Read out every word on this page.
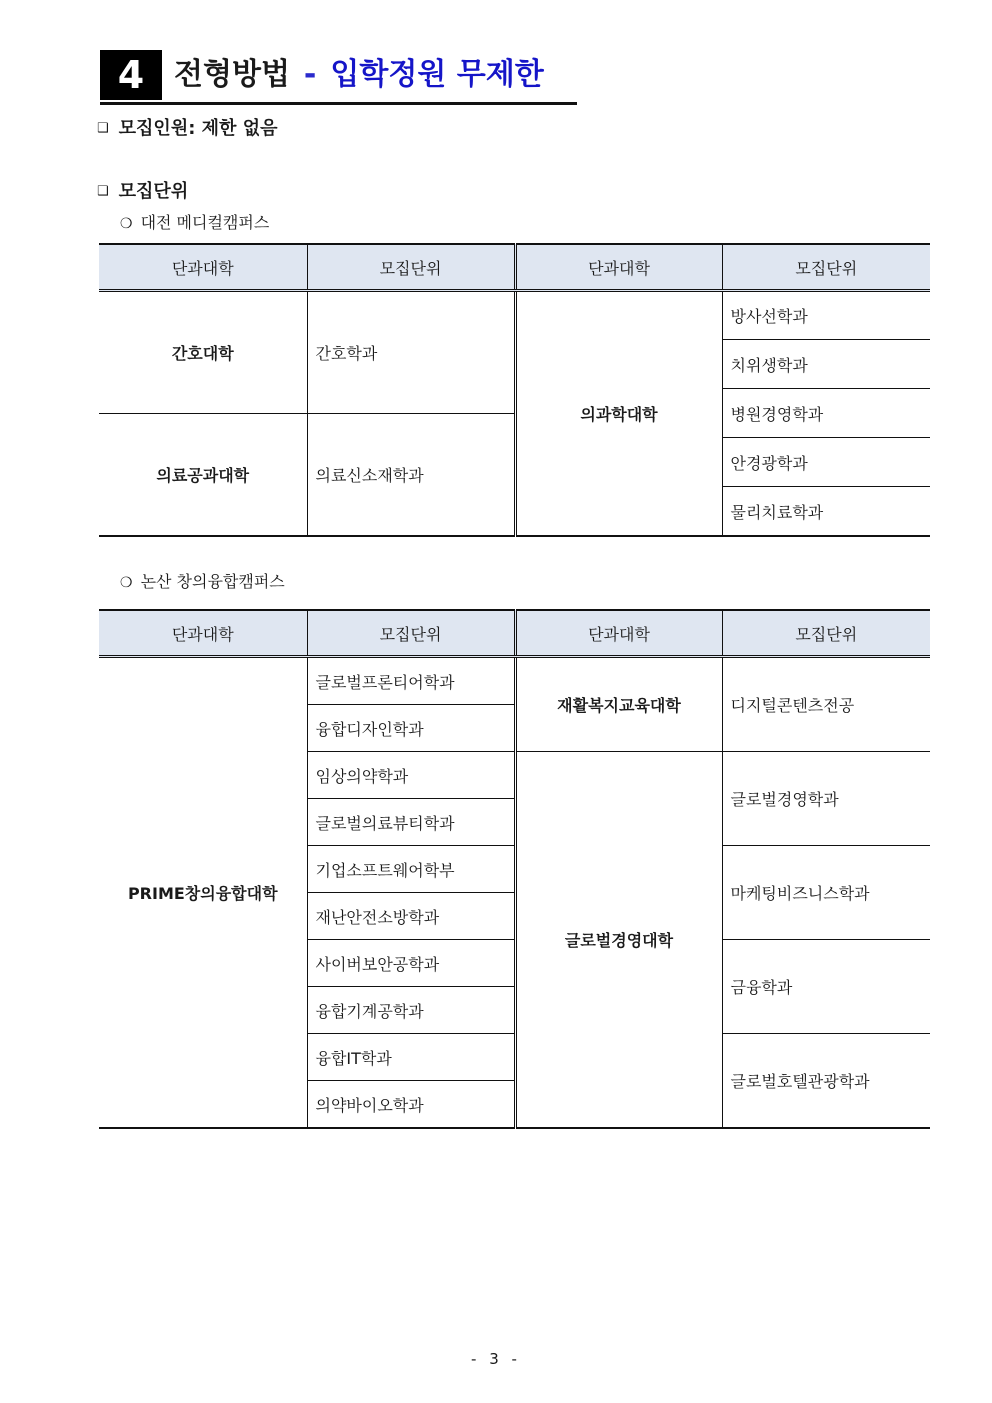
4 전형방법 - 입학정원 무제한
❑ 모집인원: 제한 없음
❑ 모집단위
❍ 대전 메디컬캠퍼스
단과대학	모집단위	단과대학	모집단위
간호대학	간호학과	의과학대학	방사선학과
			치위생학과
			병원경영학과
의료공과대학	의료신소재학과		
			안경광학과
			물리치료학과
❍ 논산 창의융합캠퍼스
단과대학	모집단위	단과대학	모집단위
PRIME창의융합대학	글로벌프론티어학과	재활복지교육대학	디지털콘텐츠전공
	융합디자인학과		
	임상의약학과	글로벌경영대학	글로벌경영학과
	글로벌의료뷰티학과		
	기업소프트웨어학부		마케팅비즈니스학과
	재난안전소방학과		
	사이버보안공학과		금융학과
	융합기계공학과		
	융합IT학과		글로벌호텔관광학과
	의약바이오학과		
- 3 -
